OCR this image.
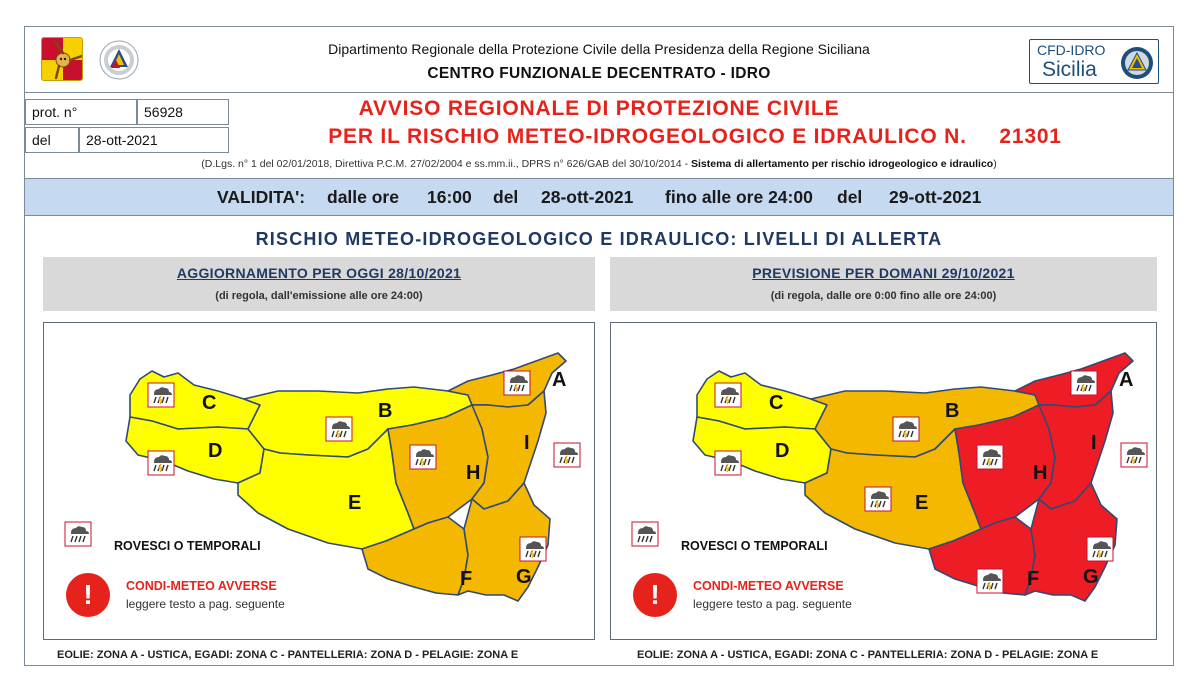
Dipartimento Regionale della Protezione Civile della Presidenza della Regione Siciliana
CENTRO FUNZIONALE DECENTRATO - IDRO
CFD-IDRO
Sicilia
prot. n°	56928
del	28-ott-2021
AVVISO REGIONALE DI PROTEZIONE CIVILE
PER IL RISCHIO METEO-IDROGEOLOGICO E IDRAULICO N. 21301
(D.Lgs. n° 1 del 02/01/2018, Direttiva P.C.M. 27/02/2004 e ss.mm.ii., DPRS n° 626/GAB del 30/10/2014 - Sistema di allertamento per rischio idrogeologico e idraulico)
VALIDITA': dalle ore 16:00 del 28-ott-2021 fino alle ore 24:00 del 29-ott-2021
RISCHIO METEO-IDROGEOLOGICO E IDRAULICO: LIVELLI DI ALLERTA
AGGIORNAMENTO PER OGGI 28/10/2021
(di regola, dall'emissione alle ore 24:00)
PREVISIONE PER DOMANI 29/10/2021
(di regola, dalle ore 0:00 fino alle ore 24:00)
A
B
C
D
E
F G
H
I
ROVESCI O TEMPORALI
!	CONDI-METEO AVVERSE
leggere testo a pag. seguente
A
B
C
D
E
F G
H
I
ROVESCI O TEMPORALI
!	CONDI-METEO AVVERSE
leggere testo a pag. seguente
EOLIE: ZONA A - USTICA, EGADI: ZONA C - PANTELLERIA: ZONA D - PELAGIE: ZONA E	EOLIE: ZONA A - USTICA, EGADI: ZONA C - PANTELLERIA: ZONA D - PELAGIE: ZONA E
